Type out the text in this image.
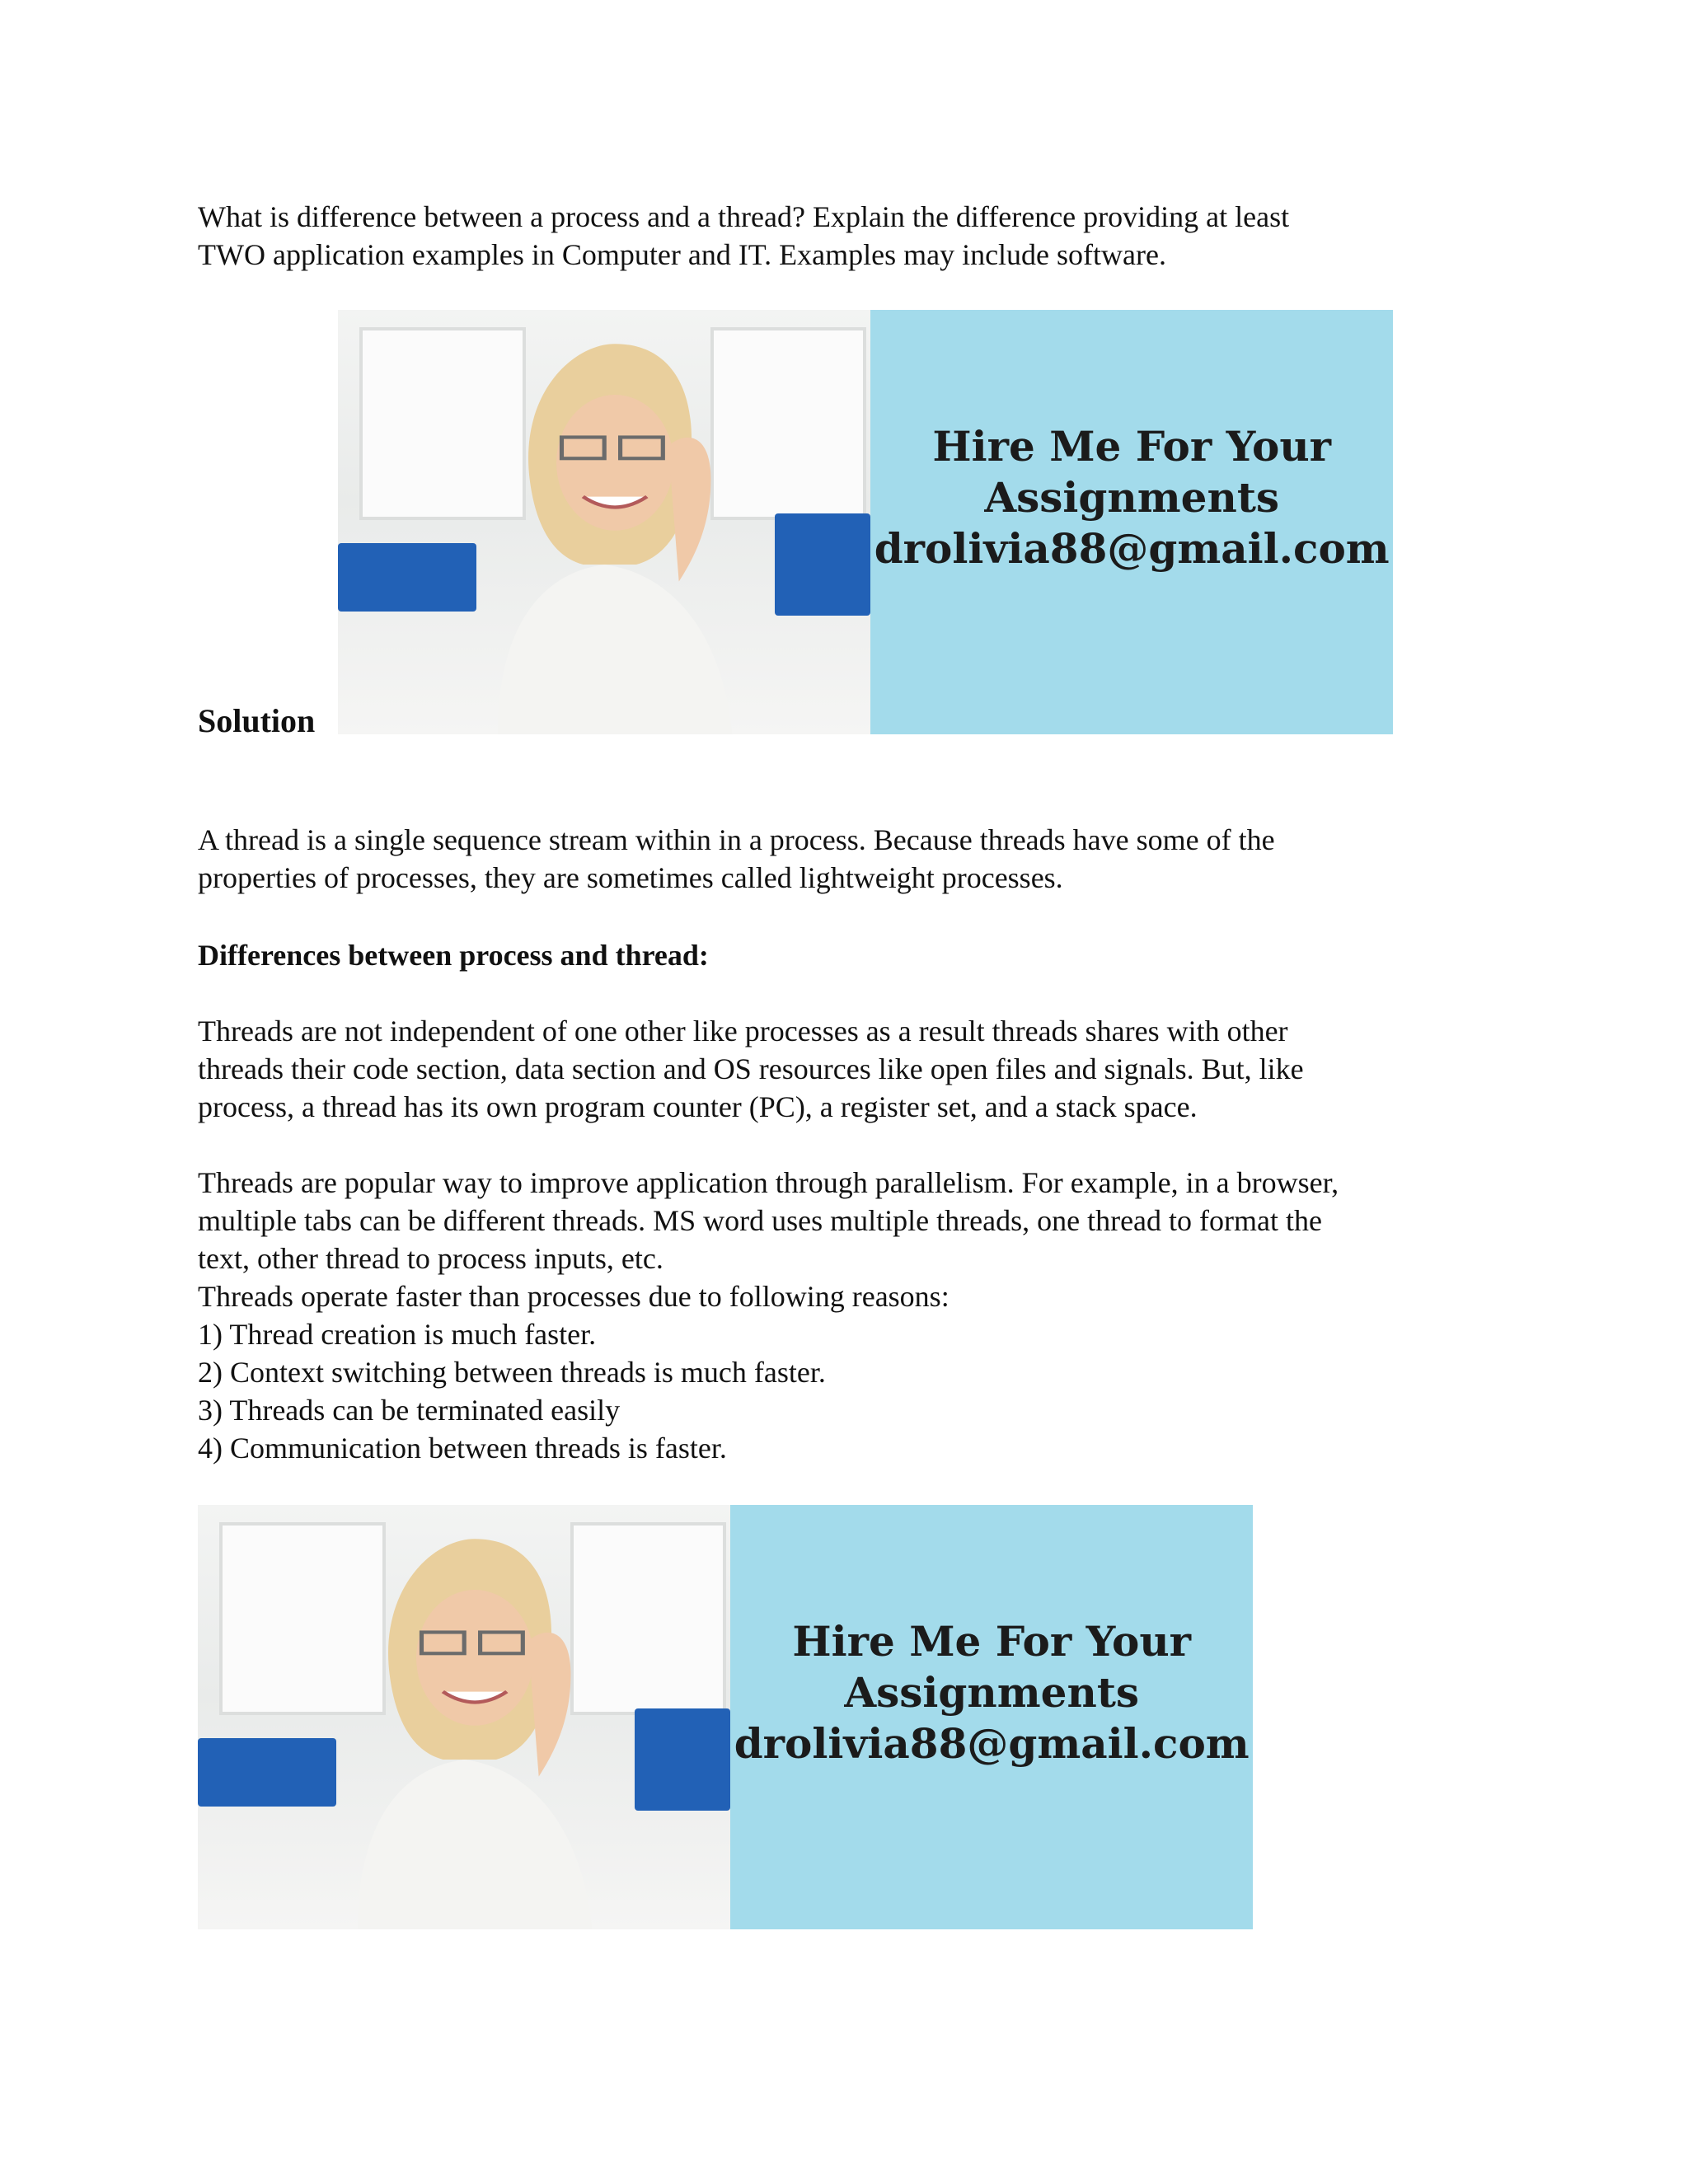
What is difference between a process and a thread? Explain the difference providing at least

TWO application examples in Computer and IT. Examples may include software.

Solution

Hire Me For Your
Assignments
drolivia88@gmail.com

A thread is a single sequence stream within in a process. Because threads have some of the

properties of processes, they are sometimes called lightweight processes.

Differences between process and thread:

Threads are not independent of one other like processes as a result threads shares with other

threads their code section, data section and OS resources like open files and signals. But, like

process, a thread has its own program counter (PC), a register set, and a stack space.

Threads are popular way to improve application through parallelism. For example, in a browser,

multiple tabs can be different threads. MS word uses multiple threads, one thread to format the

text, other thread to process inputs, etc.

Threads operate faster than processes due to following reasons:

1) Thread creation is much faster.

2) Context switching between threads is much faster.

3) Threads can be terminated easily

4) Communication between threads is faster.

Hire Me For Your
Assignments
drolivia88@gmail.com
